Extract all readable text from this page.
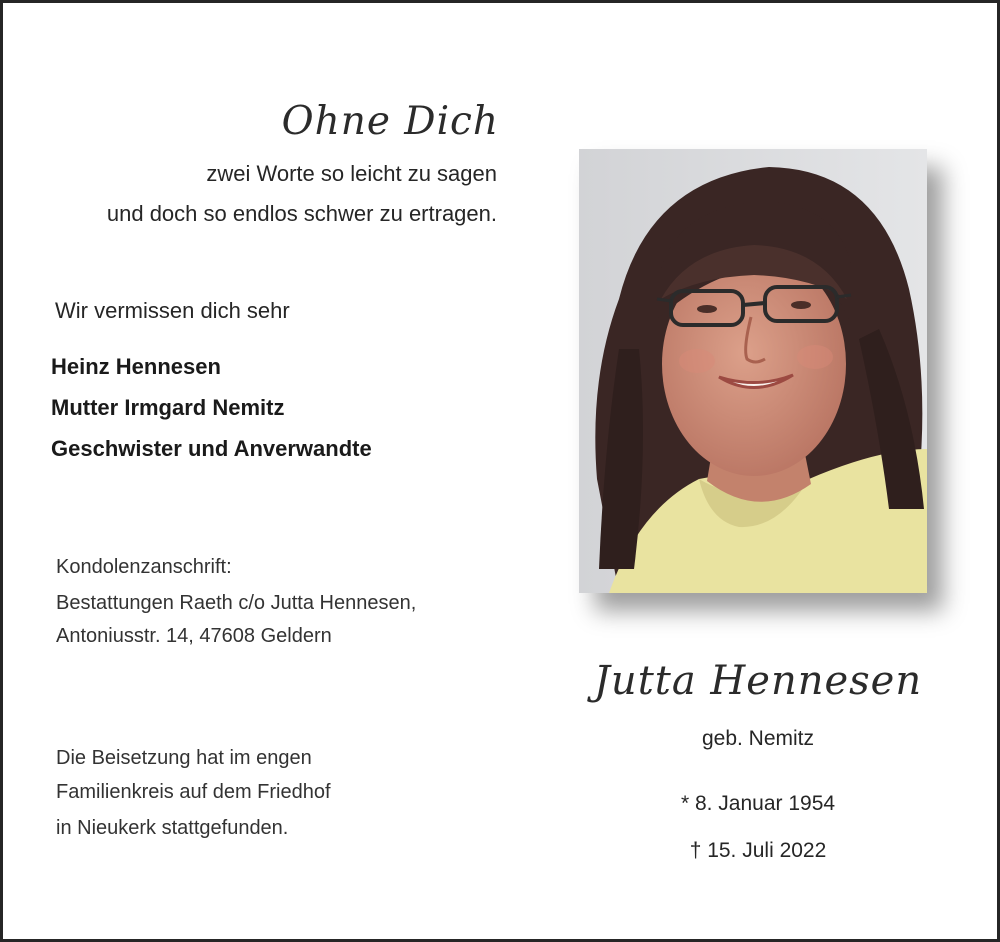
Ohne Dich

zwei Worte so leicht zu sagen

und doch so endlos schwer zu ertragen.

Wir vermissen dich sehr

Heinz Hennesen

Mutter Irmgard Nemitz

Geschwister und Anverwandte

Kondolenzanschrift:

Bestattungen Raeth c/o Jutta Hennesen,

Antoniusstr. 14, 47608 Geldern

Die Beisetzung hat im engen

Familienkreis auf dem Friedhof

in Nieukerk stattgefunden.

Jutta Hennesen

geb. Nemitz

* 8. Januar 1954

† 15. Juli 2022
